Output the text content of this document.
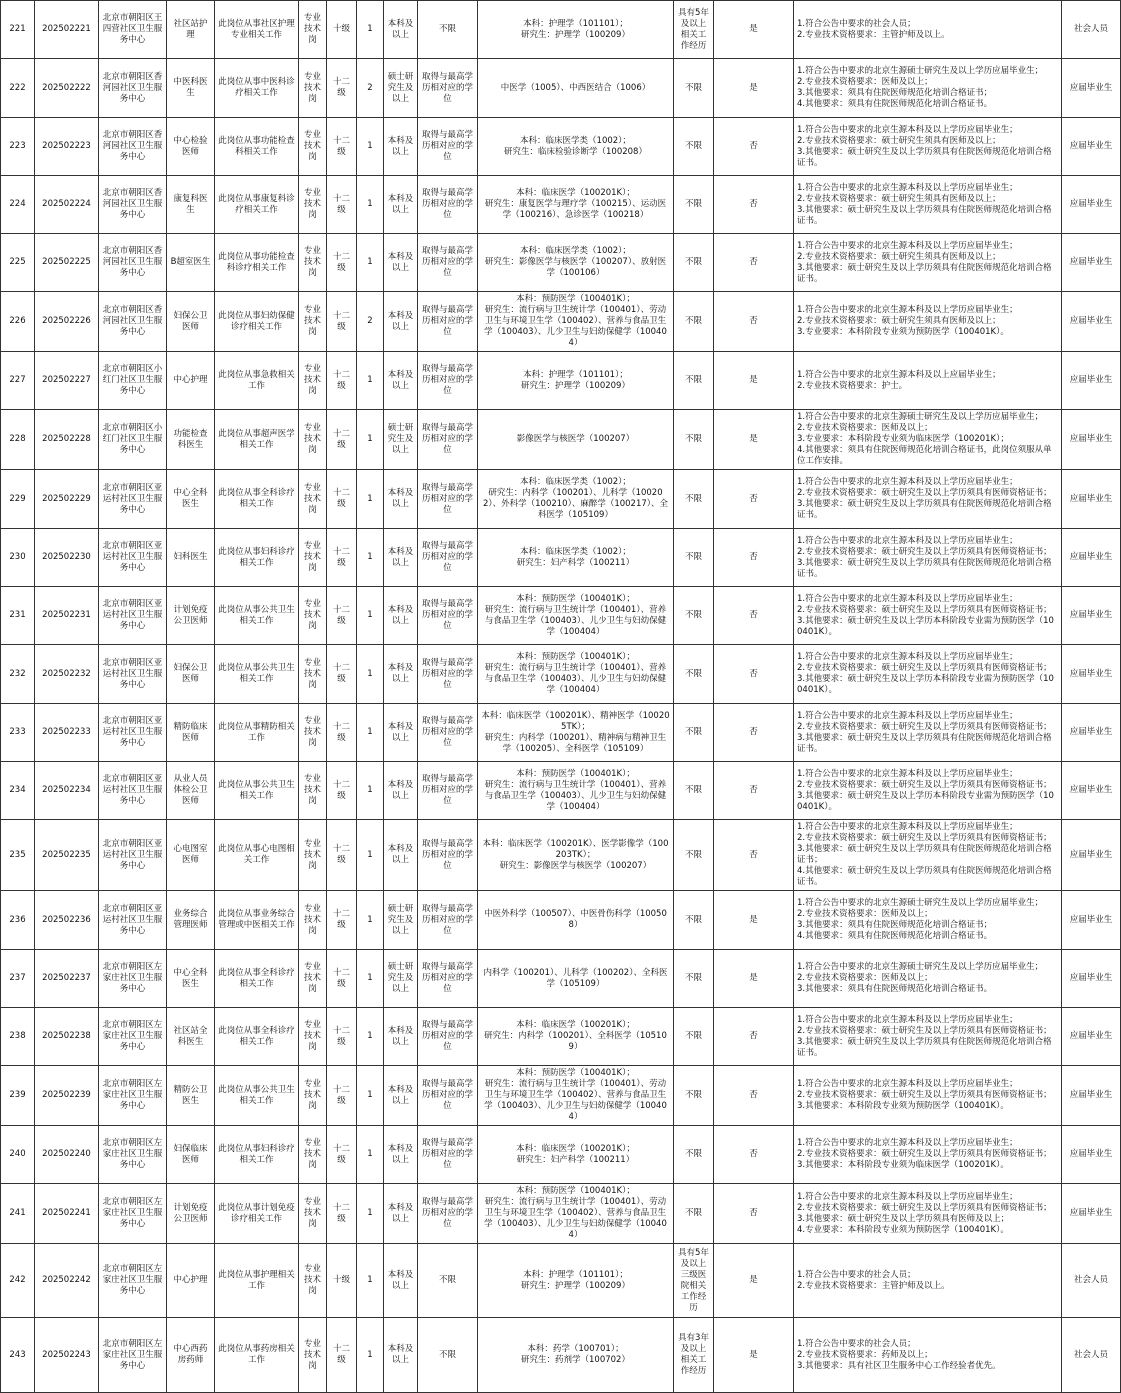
221	202502221	北京市朝阳区王四营社区卫生服务中心	社区站护理	此岗位从事社区护理专业相关工作	专业技术岗	十级	1	本科及以上	不限	本科：护理学（101101）；
研究生：护理学（100209）	具有5年及以上相关工作经历	是	1.符合公告中要求的社会人员；
2.专业技术资格要求：主管护师及以上。	社会人员
222	202502222	北京市朝阳区香河园社区卫生服务中心	中医科医生	此岗位从事中医科诊疗相关工作	专业技术岗	十二级	2	硕士研究生及以上	取得与最高学历相对应的学位	中医学（1005）、中西医结合（1006）	不限	是	1.符合公告中要求的北京生源硕士研究生及以上学历应届毕业生；
2.专业技术资格要求：医师及以上；
3.其他要求：须具有住院医师规范化培训合格证书；
4.其他要求：须具有住院医师规范化培训合格证书。	应届毕业生
223	202502223	北京市朝阳区香河园社区卫生服务中心	中心检验医师	此岗位从事功能检查科相关工作	专业技术岗	十二级	1	本科及以上	取得与最高学历相对应的学位	本科：临床医学类（1002）；
研究生：临床检验诊断学（100208）	不限	否	1.符合公告中要求的北京生源本科及以上学历应届毕业生；
2.专业技术资格要求：硕士研究生须具有医师及以上；
3.其他要求：硕士研究生及以上学历须具有住院医师规范化培训合格证书。	应届毕业生
224	202502224	北京市朝阳区香河园社区卫生服务中心	康复科医生	此岗位从事康复科诊疗相关工作	专业技术岗	十二级	1	本科及以上	取得与最高学历相对应的学位	本科：临床医学（100201K）；
研究生：康复医学与理疗学（100215）、运动医学（100216）、急诊医学（100218）	不限	否	1.符合公告中要求的北京生源本科及以上学历应届毕业生；
2.专业技术资格要求：硕士研究生须具有医师及以上；
3.其他要求：硕士研究生及以上学历须具有住院医师规范化培训合格证书。	应届毕业生
225	202502225	北京市朝阳区香河园社区卫生服务中心	B超室医生	此岗位从事功能检查科诊疗相关工作	专业技术岗	十二级	1	本科及以上	取得与最高学历相对应的学位	本科：临床医学类（1002）；
研究生：影像医学与核医学（100207）、放射医学（100106）	不限	否	1.符合公告中要求的北京生源本科及以上学历应届毕业生；
2.专业技术资格要求：硕士研究生须具有医师及以上；
3.其他要求：硕士研究生及以上学历须具有住院医师规范化培训合格证书。	应届毕业生
226	202502226	北京市朝阳区香河园社区卫生服务中心	妇保公卫医师	此岗位从事妇幼保健诊疗相关工作	专业技术岗	十二级	2	本科及以上	取得与最高学历相对应的学位	本科：预防医学（100401K）；
研究生：流行病与卫生统计学（100401）、劳动卫生与环境卫生学（100402）、营养与食品卫生学（100403）、儿少卫生与妇幼保健学（100404）	不限	否	1.符合公告中要求的北京生源本科及以上学历应届毕业生；
2.专业技术资格要求：硕士研究生须具有医师及以上；
3.专业要求：本科阶段专业须为预防医学（100401K）。	应届毕业生
227	202502227	北京市朝阳区小红门社区卫生服务中心	中心护理	此岗位从事急救相关工作	专业技术岗	十二级	1	本科及以上	取得与最高学历相对应的学位	本科：护理学（101101）；
研究生：护理学（100209）	不限	是	1.符合公告中要求的北京生源本科及以上应届毕业生；
2.专业技术资格要求：护士。	应届毕业生
228	202502228	北京市朝阳区小红门社区卫生服务中心	功能检查科医生	此岗位从事超声医学相关工作	专业技术岗	十二级	1	硕士研究生及以上	取得与最高学历相对应的学位	影像医学与核医学（100207）	不限	是	1.符合公告中要求的北京生源硕士研究生及以上学历应届毕业生；
2.专业技术资格要求：医师及以上；
3.专业要求：本科阶段专业须为临床医学（100201K）；
4.其他要求：须具有住院医师规范化培训合格证书，此岗位须服从单位工作安排。	应届毕业生
229	202502229	北京市朝阳区亚运村社区卫生服务中心	中心全科医生	此岗位从事全科诊疗相关工作	专业技术岗	十二级	1	本科及以上	取得与最高学历相对应的学位	本科：临床医学类（1002）；
研究生：内科学（100201）、儿科学（100202）、外科学（100210）、麻醉学（100217）、全科医学（105109）	不限	否	1.符合公告中要求的北京生源本科及以上学历应届毕业生；
2.专业技术资格要求：硕士研究生及以上学历须具有医师资格证书；
3.其他要求：硕士研究生及以上学历须具有住院医师规范化培训合格证书。	应届毕业生
230	202502230	北京市朝阳区亚运村社区卫生服务中心	妇科医生	此岗位从事妇科诊疗相关工作	专业技术岗	十二级	1	本科及以上	取得与最高学历相对应的学位	本科：临床医学类（1002）；
研究生：妇产科学（100211）	不限	否	1.符合公告中要求的北京生源本科及以上学历应届毕业生；
2.专业技术资格要求：硕士研究生及以上学历须具有医师资格证书；
3.其他要求：硕士研究生及以上学历须具有住院医师规范化培训合格证书。	应届毕业生
231	202502231	北京市朝阳区亚运村社区卫生服务中心	计划免疫公卫医师	此岗位从事公共卫生相关工作	专业技术岗	十二级	1	本科及以上	取得与最高学历相对应的学位	本科：预防医学（100401K）；
研究生：流行病与卫生统计学（100401）、营养与食品卫生学（100403）、儿少卫生与妇幼保健学（100404）	不限	否	1.符合公告中要求的北京生源本科及以上学历应届毕业生；
2.专业技术资格要求：硕士研究生及以上学历须具有医师资格证书；
3.其他要求：硕士研究生及以上学历本科阶段专业需为预防医学（100401K）。	应届毕业生
232	202502232	北京市朝阳区亚运村社区卫生服务中心	妇保公卫医师	此岗位从事公共卫生相关工作	专业技术岗	十二级	1	本科及以上	取得与最高学历相对应的学位	本科：预防医学（100401K）；
研究生：流行病与卫生统计学（100401）、营养与食品卫生学（100403）、儿少卫生与妇幼保健学（100404）	不限	否	1.符合公告中要求的北京生源本科及以上学历应届毕业生；
2.专业技术资格要求：硕士研究生及以上学历须具有医师资格证书；
3.其他要求：硕士研究生及以上学历本科阶段专业需为预防医学（100401K）。	应届毕业生
233	202502233	北京市朝阳区亚运村社区卫生服务中心	精防临床医师	此岗位从事精防相关工作	专业技术岗	十二级	1	本科及以上	取得与最高学历相对应的学位	本科：临床医学（100201K）、精神医学（100205TK）；
研究生：内科学（100201）、精神病与精神卫生学（100205）、全科医学（105109）	不限	否	1.符合公告中要求的北京生源本科及以上学历应届毕业生；
2.专业技术资格要求：硕士研究生及以上学历须具有医师资格证书；
3.其他要求：硕士研究生及以上学历须具有住院医师规范化培训合格证书。	应届毕业生
234	202502234	北京市朝阳区亚运村社区卫生服务中心	从业人员体检公卫医师	此岗位从事公共卫生相关工作	专业技术岗	十二级	1	本科及以上	取得与最高学历相对应的学位	本科：预防医学（100401K）；
研究生：流行病与卫生统计学（100401）、营养与食品卫生学（100403）、儿少卫生与妇幼保健学（100404）	不限	否	1.符合公告中要求的北京生源本科及以上学历应届毕业生；
2.专业技术资格要求：硕士研究生及以上学历须具有医师资格证书；
3.其他要求：硕士研究生及以上学历本科阶段专业需为预防医学（100401K）。	应届毕业生
235	202502235	北京市朝阳区亚运村社区卫生服务中心	心电图室医师	此岗位从事心电图相关工作	专业技术岗	十二级	1	本科及以上	取得与最高学历相对应的学位	本科：临床医学（100201K）、医学影像学（100203TK）；
研究生：影像医学与核医学（100207）	不限	否	1.符合公告中要求的北京生源本科及以上学历应届毕业生；
2.专业技术资格要求：硕士研究生及以上学历须具有医师资格证书；
3.其他要求：硕士研究生及以上学历须具有住院医师规范化培训合格证书；
4.其他要求：硕士研究生及以上学历须具有住院医师规范化培训合格证书。	应届毕业生
236	202502236	北京市朝阳区亚运村社区卫生服务中心	业务综合管理医师	此岗位从事业务综合管理或中医相关工作	专业技术岗	十二级	1	硕士研究生及以上	取得与最高学历相对应的学位	中医外科学（100507）、中医骨伤科学（100508）	不限	是	1.符合公告中要求的北京生源硕士研究生及以上学历应届毕业生；
2.专业技术资格要求：医师及以上；
3.其他要求：须具有住院医师规范化培训合格证书；
4.其他要求：须具有住院医师规范化培训合格证书。	应届毕业生
237	202502237	北京市朝阳区左家庄社区卫生服务中心	中心全科医生	此岗位从事全科诊疗相关工作	专业技术岗	十二级	1	硕士研究生及以上	取得与最高学历相对应的学位	内科学（100201）、儿科学（100202）、全科医学（105109）	不限	是	1.符合公告中要求的北京生源硕士研究生及以上学历应届毕业生；
2.专业技术资格要求：医师及以上；
3.其他要求：须具有住院医师规范化培训合格证书。	应届毕业生
238	202502238	北京市朝阳区左家庄社区卫生服务中心	社区站全科医生	此岗位从事全科诊疗相关工作	专业技术岗	十二级	1	本科及以上	取得与最高学历相对应的学位	本科：临床医学（100201K）；
研究生：内科学（100201）、全科医学（105109）	不限	否	1.符合公告中要求的北京生源本科及以上学历应届毕业生；
2.专业技术资格要求：硕士研究生及以上学历须具有医师资格证书；
3.其他要求：硕士研究生及以上学历须具有住院医师规范化培训合格证书。	应届毕业生
239	202502239	北京市朝阳区左家庄社区卫生服务中心	精防公卫医生	此岗位从事公共卫生相关工作	专业技术岗	十二级	1	本科及以上	取得与最高学历相对应的学位	本科：预防医学（100401K）；
研究生：流行病与卫生统计学（100401）、劳动卫生与环境卫生学（100402）、营养与食品卫生学（100403）、儿少卫生与妇幼保健学（100404）	不限	否	1.符合公告中要求的北京生源本科及以上学历应届毕业生；
2.专业技术资格要求：硕士研究生及以上学历须具有医师资格证书；
3.其他要求：本科阶段专业须为预防医学（100401K）。	应届毕业生
240	202502240	北京市朝阳区左家庄社区卫生服务中心	妇保临床医师	此岗位从事妇科诊疗相关工作	专业技术岗	十二级	1	本科及以上	取得与最高学历相对应的学位	本科：临床医学（100201K）；
研究生：妇产科学（100211）	不限	否	1.符合公告中要求的北京生源本科及以上学历应届毕业生；
2.专业技术资格要求：硕士研究生及以上学历须具有医师资格证书；
3.其他要求：本科阶段专业须为临床医学（100201K）。	应届毕业生
241	202502241	北京市朝阳区左家庄社区卫生服务中心	计划免疫公卫医师	此岗位从事计划免疫诊疗相关工作	专业技术岗	十二级	1	本科及以上	取得与最高学历相对应的学位	本科：预防医学（100401K）；
研究生：流行病与卫生统计学（100401）、劳动卫生与环境卫生学（100402）、营养与食品卫生学（100403）、儿少卫生与妇幼保健学（100404）	不限	否	1.符合公告中要求的北京生源本科及以上学历应届毕业生；
2.专业技术资格要求：硕士研究生及以上学历须具有医师资格证书；
3.其他要求：硕士研究生及以上学历须具有医师及以上；
4.专业要求：本科阶段专业须为预防医学（100401K）。	应届毕业生
242	202502242	北京市朝阳区左家庄社区卫生服务中心	中心护理	此岗位从事护理相关工作	专业技术岗	十级	1	本科及以上	不限	本科：护理学（101101）；
研究生：护理学（100209）	具有5年及以上三级医院相关工作经历	是	1.符合公告中要求的社会人员；
2.专业技术资格要求：主管护师及以上。	社会人员
243	202502243	北京市朝阳区左家庄社区卫生服务中心	中心西药房药师	此岗位从事药房相关工作	专业技术岗	十二级	1	本科及以上	不限	本科：药学（100701）；
研究生：药剂学（100702）	具有3年及以上相关工作经历	是	1.符合公告中要求的社会人员；
2.专业技术资格要求：药师及以上；
3.其他要求：具有社区卫生服务中心工作经验者优先。	社会人员
